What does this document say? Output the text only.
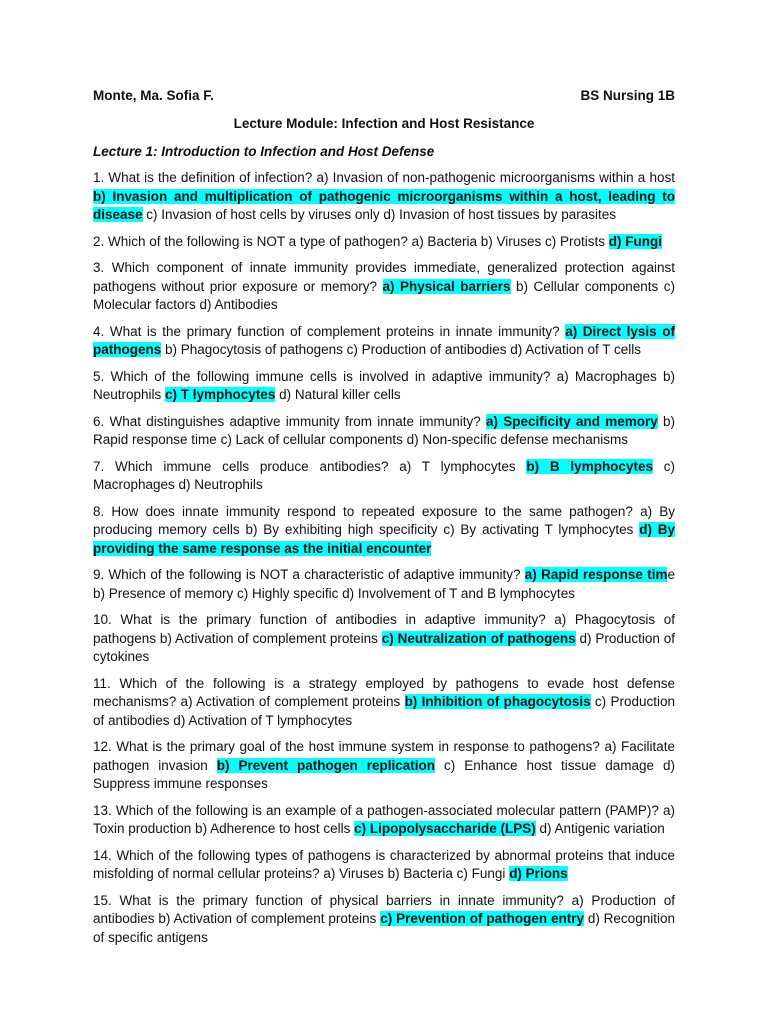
Monte, Ma. Sofia F.	BS Nursing 1B
Lecture Module: Infection and Host Resistance
Lecture 1: Introduction to Infection and Host Defense

1. What is the definition of infection? a) Invasion of non-pathogenic microorganisms within a host b) Invasion and multiplication of pathogenic microorganisms within a host, leading to disease c) Invasion of host cells by viruses only d) Invasion of host tissues by parasites

2. Which of the following is NOT a type of pathogen? a) Bacteria b) Viruses c) Protists d) Fungi

3. Which component of innate immunity provides immediate, generalized protection against pathogens without prior exposure or memory? a) Physical barriers b) Cellular components c) Molecular factors d) Antibodies

4. What is the primary function of complement proteins in innate immunity? a) Direct lysis of pathogens b) Phagocytosis of pathogens c) Production of antibodies d) Activation of T cells

5. Which of the following immune cells is involved in adaptive immunity? a) Macrophages b) Neutrophils c) T lymphocytes d) Natural killer cells

6. What distinguishes adaptive immunity from innate immunity? a) Specificity and memory b) Rapid response time c) Lack of cellular components d) Non-specific defense mechanisms

7. Which immune cells produce antibodies? a) T lymphocytes b) B lymphocytes c) Macrophages d) Neutrophils

8. How does innate immunity respond to repeated exposure to the same pathogen? a) By producing memory cells b) By exhibiting high specificity c) By activating T lymphocytes d) By providing the same response as the initial encounter

9. Which of the following is NOT a characteristic of adaptive immunity? a) Rapid response time b) Presence of memory c) Highly specific d) Involvement of T and B lymphocytes

10. What is the primary function of antibodies in adaptive immunity? a) Phagocytosis of pathogens b) Activation of complement proteins c) Neutralization of pathogens d) Production of cytokines

11. Which of the following is a strategy employed by pathogens to evade host defense mechanisms? a) Activation of complement proteins b) Inhibition of phagocytosis c) Production of antibodies d) Activation of T lymphocytes

12. What is the primary goal of the host immune system in response to pathogens? a) Facilitate pathogen invasion b) Prevent pathogen replication c) Enhance host tissue damage d) Suppress immune responses

13. Which of the following is an example of a pathogen-associated molecular pattern (PAMP)? a) Toxin production b) Adherence to host cells c) Lipopolysaccharide (LPS) d) Antigenic variation

14. Which of the following types of pathogens is characterized by abnormal proteins that induce misfolding of normal cellular proteins? a) Viruses b) Bacteria c) Fungi d) Prions

15. What is the primary function of physical barriers in innate immunity? a) Production of antibodies b) Activation of complement proteins c) Prevention of pathogen entry d) Recognition of specific antigens
